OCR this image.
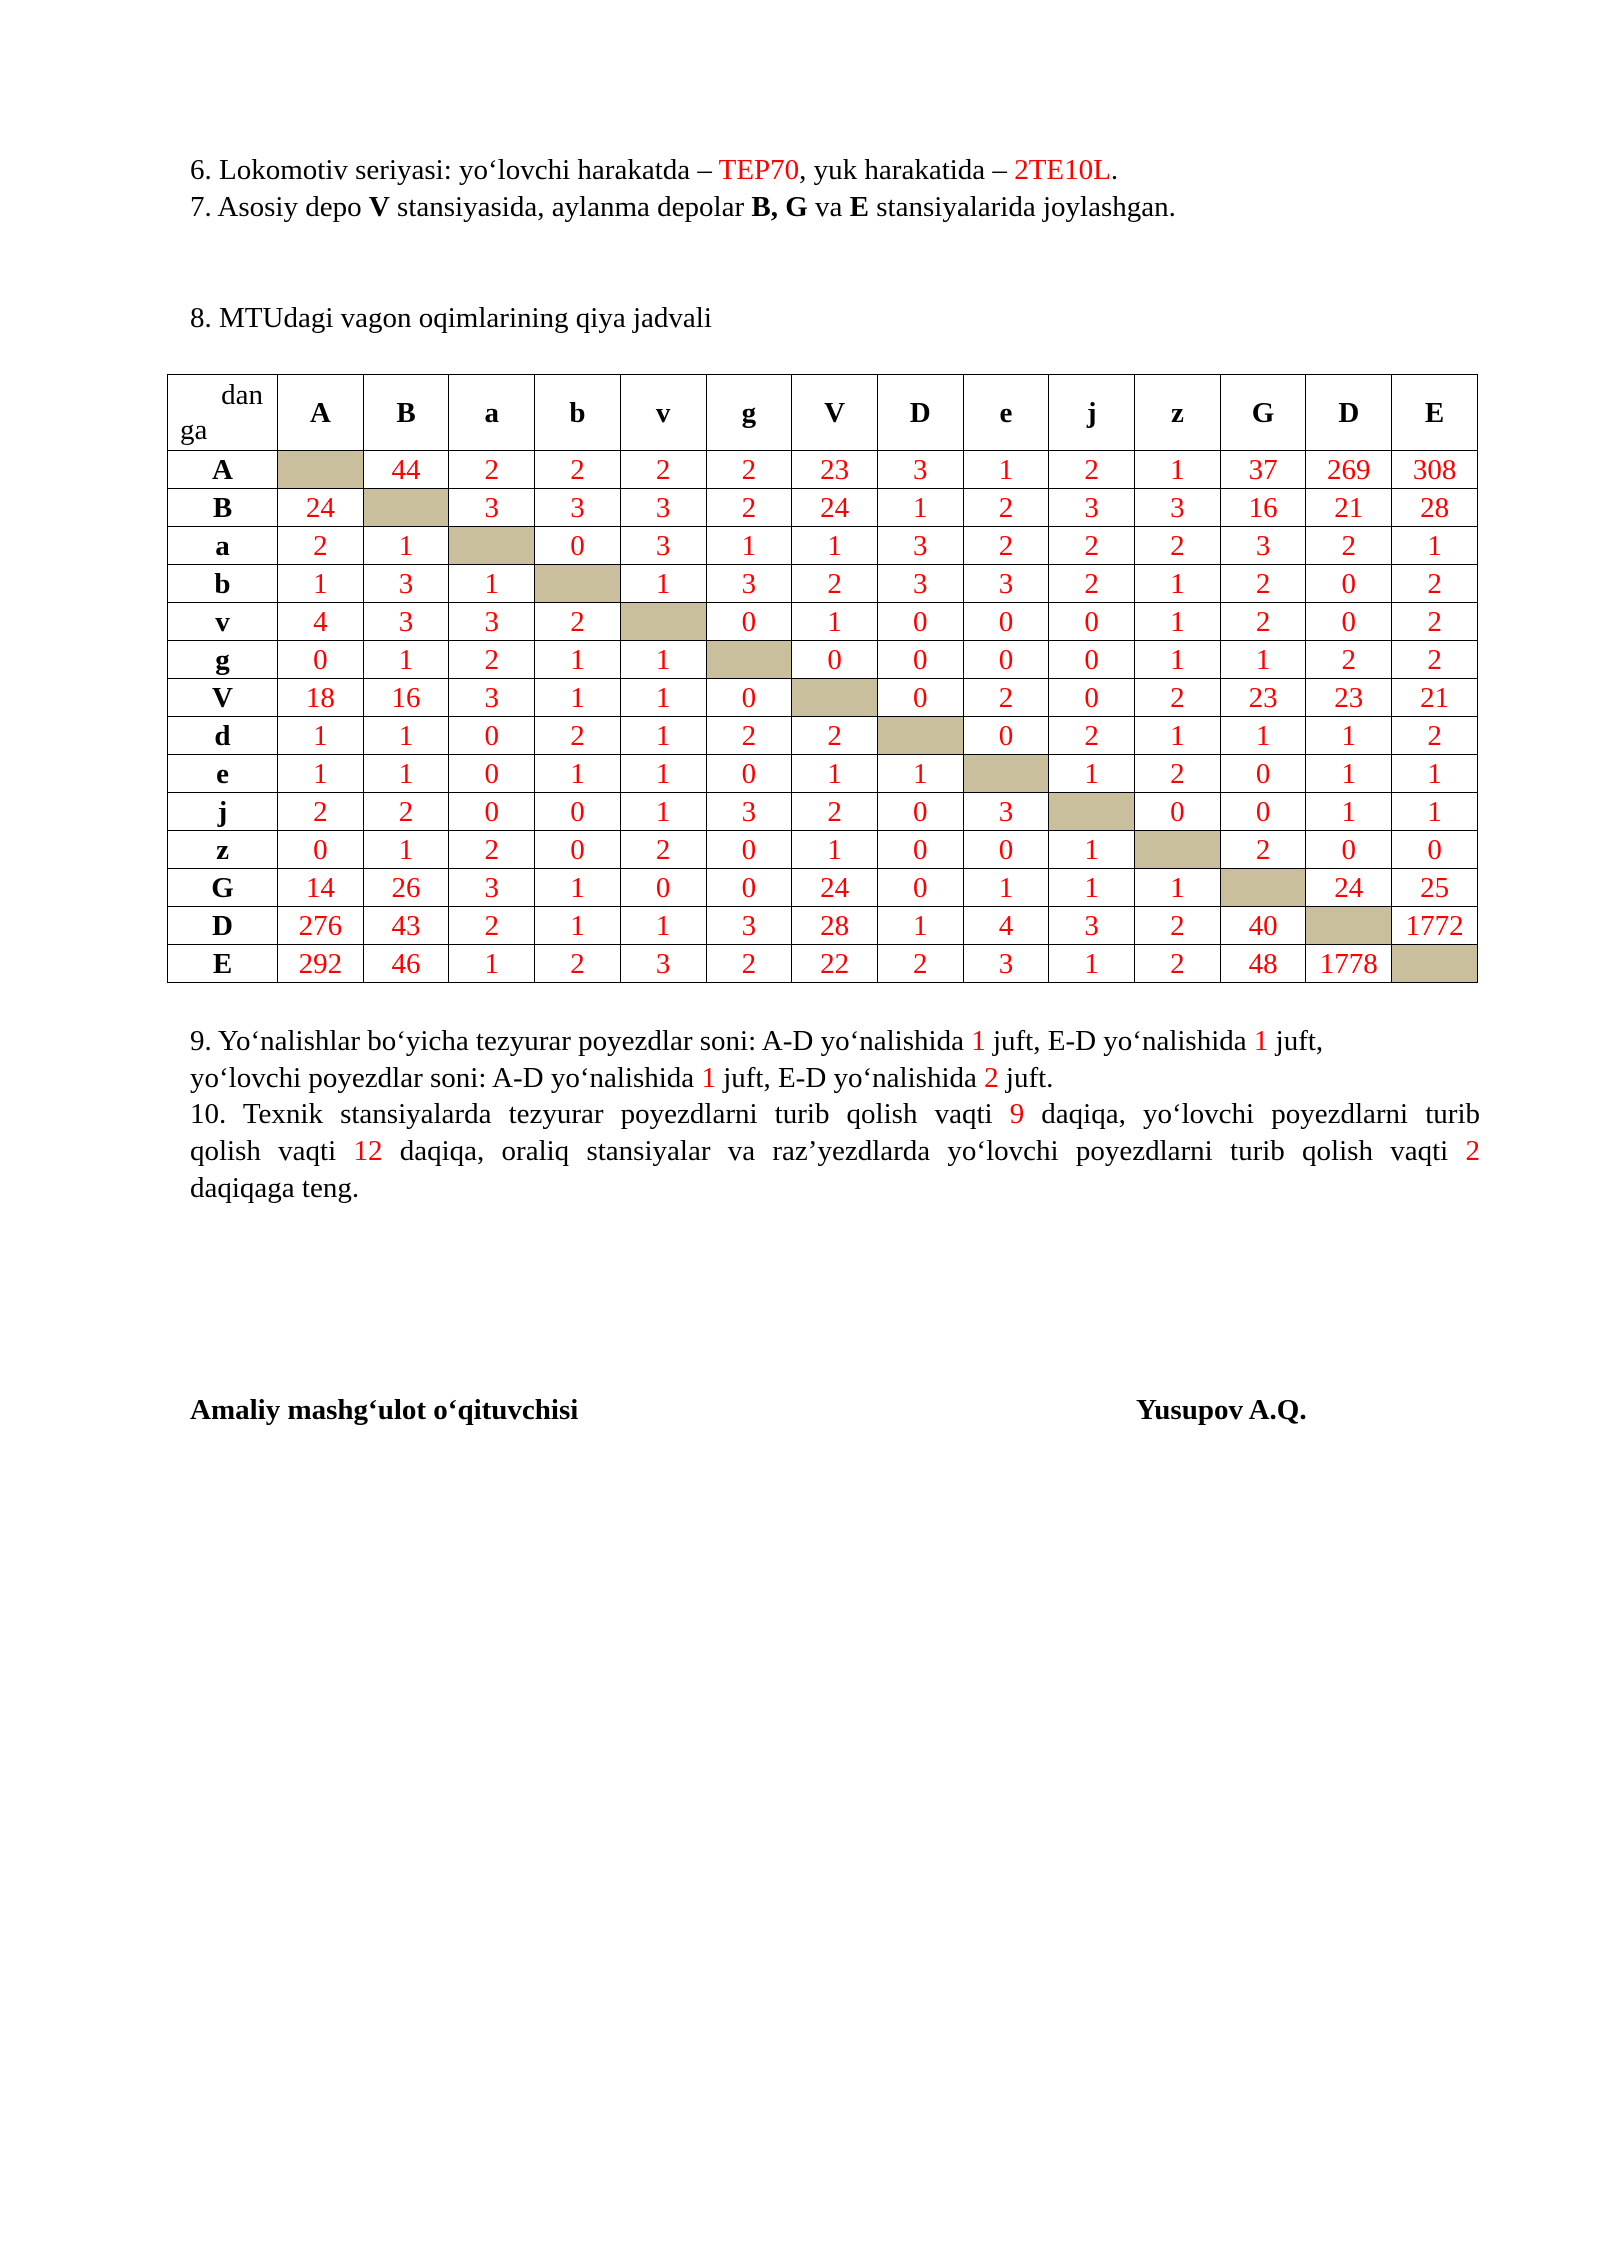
6. Lokomotiv seriyasi: yo‘lovchi harakatda – TEP70, yuk harakatida – 2TE10L.

7. Asosiy depo V stansiyasida, aylanma depolar B, G va E stansiyalarida joylashgan.

8. MTUdagi vagon oqimlarining qiya jadvali

dan
ga	A	B	a	b	v	g	V	D	e	j	z	G	D	E
A		44	2	2	2	2	23	3	1	2	1	37	269	308
B	24		3	3	3	2	24	1	2	3	3	16	21	28
a	2	1		0	3	1	1	3	2	2	2	3	2	1
b	1	3	1		1	3	2	3	3	2	1	2	0	2
v	4	3	3	2		0	1	0	0	0	1	2	0	2
g	0	1	2	1	1		0	0	0	0	1	1	2	2
V	18	16	3	1	1	0		0	2	0	2	23	23	21
d	1	1	0	2	1	2	2		0	2	1	1	1	2
e	1	1	0	1	1	0	1	1		1	2	0	1	1
j	2	2	0	0	1	3	2	0	3		0	0	1	1
z	0	1	2	0	2	0	1	0	0	1		2	0	0
G	14	26	3	1	0	0	24	0	1	1	1		24	25
D	276	43	2	1	1	3	28	1	4	3	2	40		1772
E	292	46	1	2	3	2	22	2	3	1	2	48	1778	

9. Yo‘nalishlar bo‘yicha tezyurar poyezdlar soni: A-D yo‘nalishida 1 juft, E-D yo‘nalishida 1 juft,
yo‘lovchi poyezdlar soni: A-D yo‘nalishida 1 juft, E-D yo‘nalishida 2 juft.

10. Texnik stansiyalarda tezyurar poyezdlarni turib qolish vaqti 9 daqiqa, yo‘lovchi poyezdlarni turib
qolish vaqti 12 daqiqa, oraliq stansiyalar va raz’yezdlarda yo‘lovchi poyezdlarni turib qolish vaqti 2
daqiqaga teng.

Amaliy mashg‘ulot o‘qituvchisi	Yusupov A.Q.
